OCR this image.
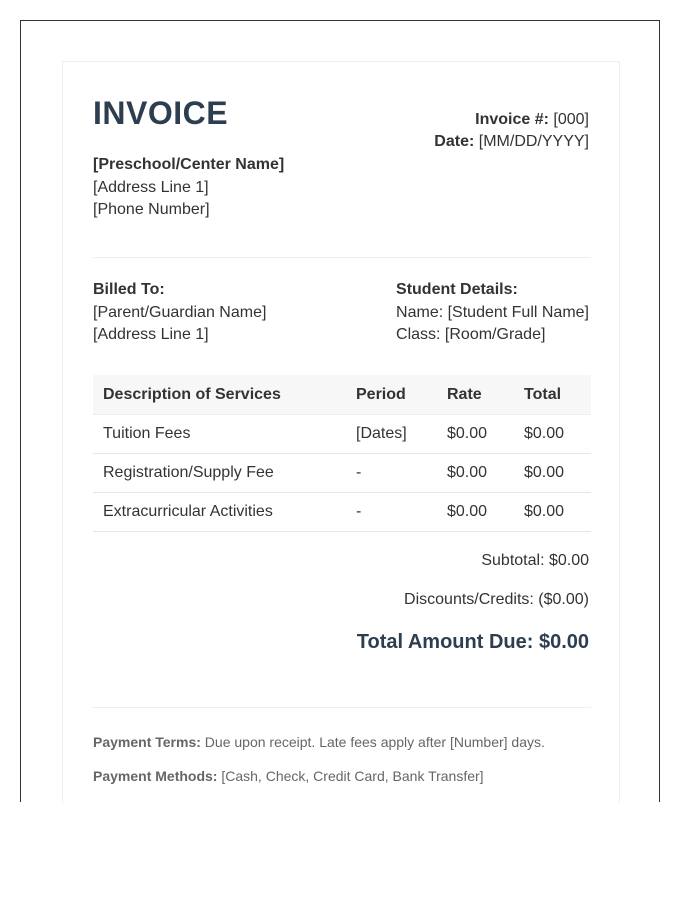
INVOICE	Invoice #: [000]
Date: [MM/DD/YYYY]
[Preschool/Center Name]
[Address Line 1]
[Phone Number]
Billed To:
[Parent/Guardian Name]
[Address Line 1]
Student Details:
Name: [Student Full Name]
Class: [Room/Grade]
Description of Services	Period	Rate	Total
Tuition Fees	[Dates]	$0.00	$0.00
Registration/Supply Fee	-	$0.00	$0.00
Extracurricular Activities	-	$0.00	$0.00
Subtotal: $0.00
Discounts/Credits: ($0.00)
Total Amount Due: $0.00
Payment Terms: Due upon receipt. Late fees apply after [Number] days.
Payment Methods: [Cash, Check, Credit Card, Bank Transfer]
